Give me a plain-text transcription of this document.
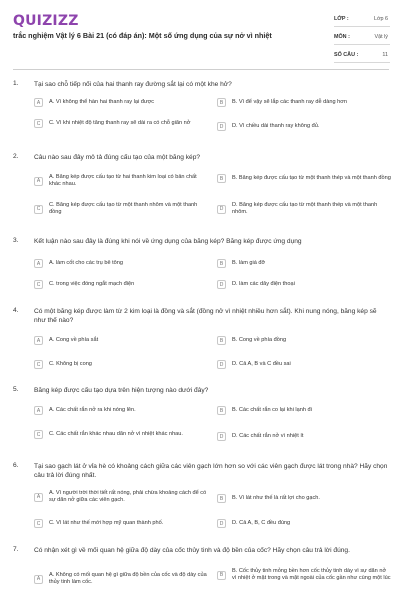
QUIZIZZ
trắc nghiệm Vật lý 6 Bài 21 (có đáp án): Một số ứng dụng của sự nở vì nhiệt
LỚP :	Lớp 6
MÔN :	Vật lý
SỐ CÂU :	11
1. Tại sao chỗ tiếp nối của hai thanh ray đường sắt lại có một khe hở?
A	A. Vì không thể hàn hai thanh ray lại được	B	B. Vì để vậy sẽ lắp các thanh ray dễ dàng hơn
C	C. Vì khi nhiệt độ tăng thanh ray sẽ dài ra có chỗ giãn nở
D	D. Vì chiều dài thanh ray không đủ.
2. Câu nào sau đây mô tả đúng cấu tạo của một băng kép?
A
A. Băng kép được cấu tạo từ hai thanh kim loại có bản chất khác nhau.
B	B. Băng kép được cấu tạo từ một thanh thép và một thanh đồng
C
C. Băng kép được cấu tạo từ một thanh nhôm và một thanh đồng	D
D. Băng kép được cấu tạo từ một thanh thép và một thanh nhôm.
3. Kết luận nào sau đây là đúng khi nói về ứng dụng của băng kép? Băng kép được ứng dụng
A	A. làm cốt cho các trụ bê tông	B	B. làm giá đỡ
C	C. trong việc đóng ngắt mạch điện	D	D. làm các dây điện thoại
4. Có một băng kép được làm từ 2 kim loại là đồng và sắt (đồng nở vì nhiệt nhiều hơn sắt). Khi nung nóng, băng kép sẽ như thế nào?
A	A. Cong về phía sắt	B	B. Cong về phía đồng
C	C. Không bị cong	D	D. Cả A, B và C đều sai
5. Băng kép được cấu tạo dựa trên hiện tượng nào dưới đây?
A	A. Các chất rắn nở ra khi nóng lên.	B	B. Các chất rắn co lại khi lạnh đi
C	C. Các chất rắn khác nhau dãn nở vì nhiệt khác nhau.	D	D. Các chất rắn nở vì nhiệt ít
6. Tại sao gạch lát ở vỉa hè có khoảng cách giữa các viên gạch lớn hơn so với các viên gạch được lát trong nhà? Hãy chọn câu trả lời đúng nhất.
A
A. Vì người trời thời tiết rất nóng, phải chừa khoảng cách để có sự dãn nở giữa các viên gạch.	B	B. Vì lát như thế là rất lợi cho gạch.
C	C. Vì lát như thế mới hợp mỹ quan thành phố.	D	D. Cả A, B, C đều đúng
7. Có nhận xét gì về mối quan hệ giữa độ dày của cốc thủy tinh và độ bền của cốc? Hãy chọn câu trả lời đúng.
A
A. Không có mối quan hệ gì giữa độ bền của cốc và độ dày của thủy tinh làm cốc.
B
B. Cốc thủy tinh mỏng bền hơn cốc thủy tinh dày vì sự dãn nở vì nhiệt ở mặt trong và mặt ngoài của cốc gần như cùng một lúc
